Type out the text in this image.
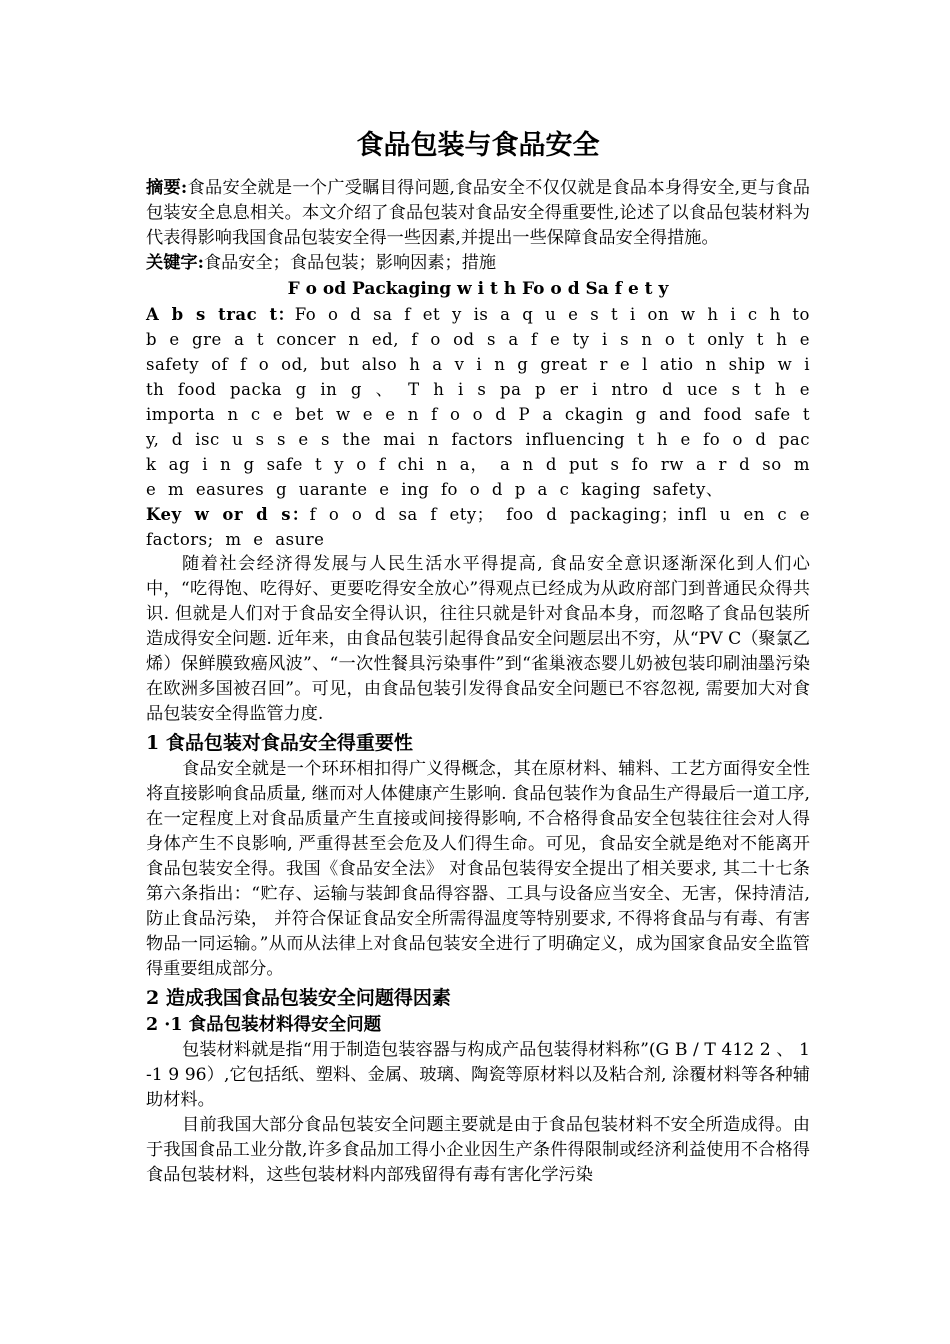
食品包装与食品安全

摘要:食品安全就是一个广受瞩目得问题,食品安全不仅仅就是食品本身得安全,更与食品包装安全息息相关。本文介绍了食品包装对食品安全得重要性,论述了以食品包装材料为代表得影响我国食品包装安全得一些因素,并提出一些保障食品安全得措施。

关键字:食品安全；食品包装；影响因素；措施

F o od Packaging w i t h Fo o d Sa f e t y

A b s trac t：Fo o d sa f et y is a q u e s t i on w h i c h to b e gre a t concer n ed, f o od s a f e ty i s n o t only t h e safety of f o od, but also h a v i n g great r e l atio n ship w i th food packa g in g 、 T h i s pa p er i ntro d uce s t h e importa n c e bet w e e n f o o d P a ckagin g and food safe t y, d isc u s s e s the mai n factors influencing t h e fo o d pac k ag i n g safe t y o f chi n a， a n d put s fo rw a r d so m e m easures g uarante e ing fo o d p a c kaging safety、

Key w or d s：f o o d sa f ety； foo d packaging；infl u en c e factors; m e asure

随着社会经济得发展与人民生活水平得提高, 食品安全意识逐渐深化到人们心中，“吃得饱、吃得好、更要吃得安全放心”得观点已经成为从政府部门到普通民众得共识. 但就是人们对于食品安全得认识，往往只就是针对食品本身，而忽略了食品包装所造成得安全问题. 近年来，由食品包装引起得食品安全问题层出不穷，从“PV C（聚氯乙烯）保鲜膜致癌风波”、“一次性餐具污染事件”到“雀巢液态婴儿奶被包装印刷油墨污染在欧洲多国被召回”。可见，由食品包装引发得食品安全问题已不容忽视, 需要加大对食品包装安全得监管力度.

1 食品包装对食品安全得重要性

食品安全就是一个环环相扣得广义得概念，其在原材料、辅料、工艺方面得安全性将直接影响食品质量, 继而对人体健康产生影响. 食品包装作为食品生产得最后一道工序, 在一定程度上对食品质量产生直接或间接得影响, 不合格得食品安全包装往往会对人得身体产生不良影响, 严重得甚至会危及人们得生命。可见，食品安全就是绝对不能离开食品包装安全得。我国《食品安全法》 对食品包装得安全提出了相关要求, 其二十七条第六条指出：“贮存、运输与装卸食品得容器、工具与设备应当安全、无害，保持清洁, 防止食品污染， 并符合保证食品安全所需得温度等特别要求, 不得将食品与有毒、有害物品一同运输。”从而从法律上对食品包装安全进行了明确定义，成为国家食品安全监管得重要组成部分。

2 造成我国食品包装安全问题得因素
2 ·1 食品包装材料得安全问题

包装材料就是指“用于制造包装容器与构成产品包装得材料称”(G B / T 412 2 、 1 -1 9 96）,它包括纸、塑料、金属、玻璃、陶瓷等原材料以及粘合剂, 涂覆材料等各种辅助材料。

目前我国大部分食品包装安全问题主要就是由于食品包装材料不安全所造成得。由于我国食品工业分散,许多食品加工得小企业因生产条件得限制或经济利益使用不合格得食品包装材料，这些包装材料内部残留得有毒有害化学污染
